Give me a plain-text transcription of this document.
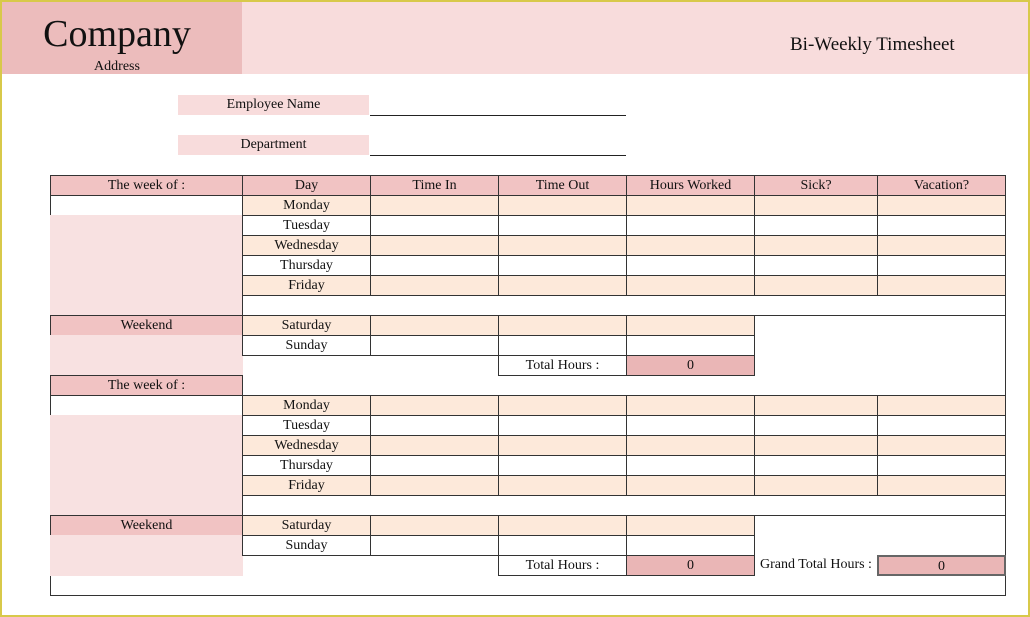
Company
Address
Bi-Weekly Timesheet
Employee Name
Department
The week of :	Day	Time In	Time Out	Hours Worked	Sick?	Vacation?
Monday
Tuesday
Wednesday
Thursday
Friday
Weekend	Saturday
Sunday
Total Hours :	0
The week of :
Monday
Tuesday
Wednesday
Thursday
Friday
Weekend	Saturday
Sunday
Total Hours :	0	Grand Total Hours :	0
